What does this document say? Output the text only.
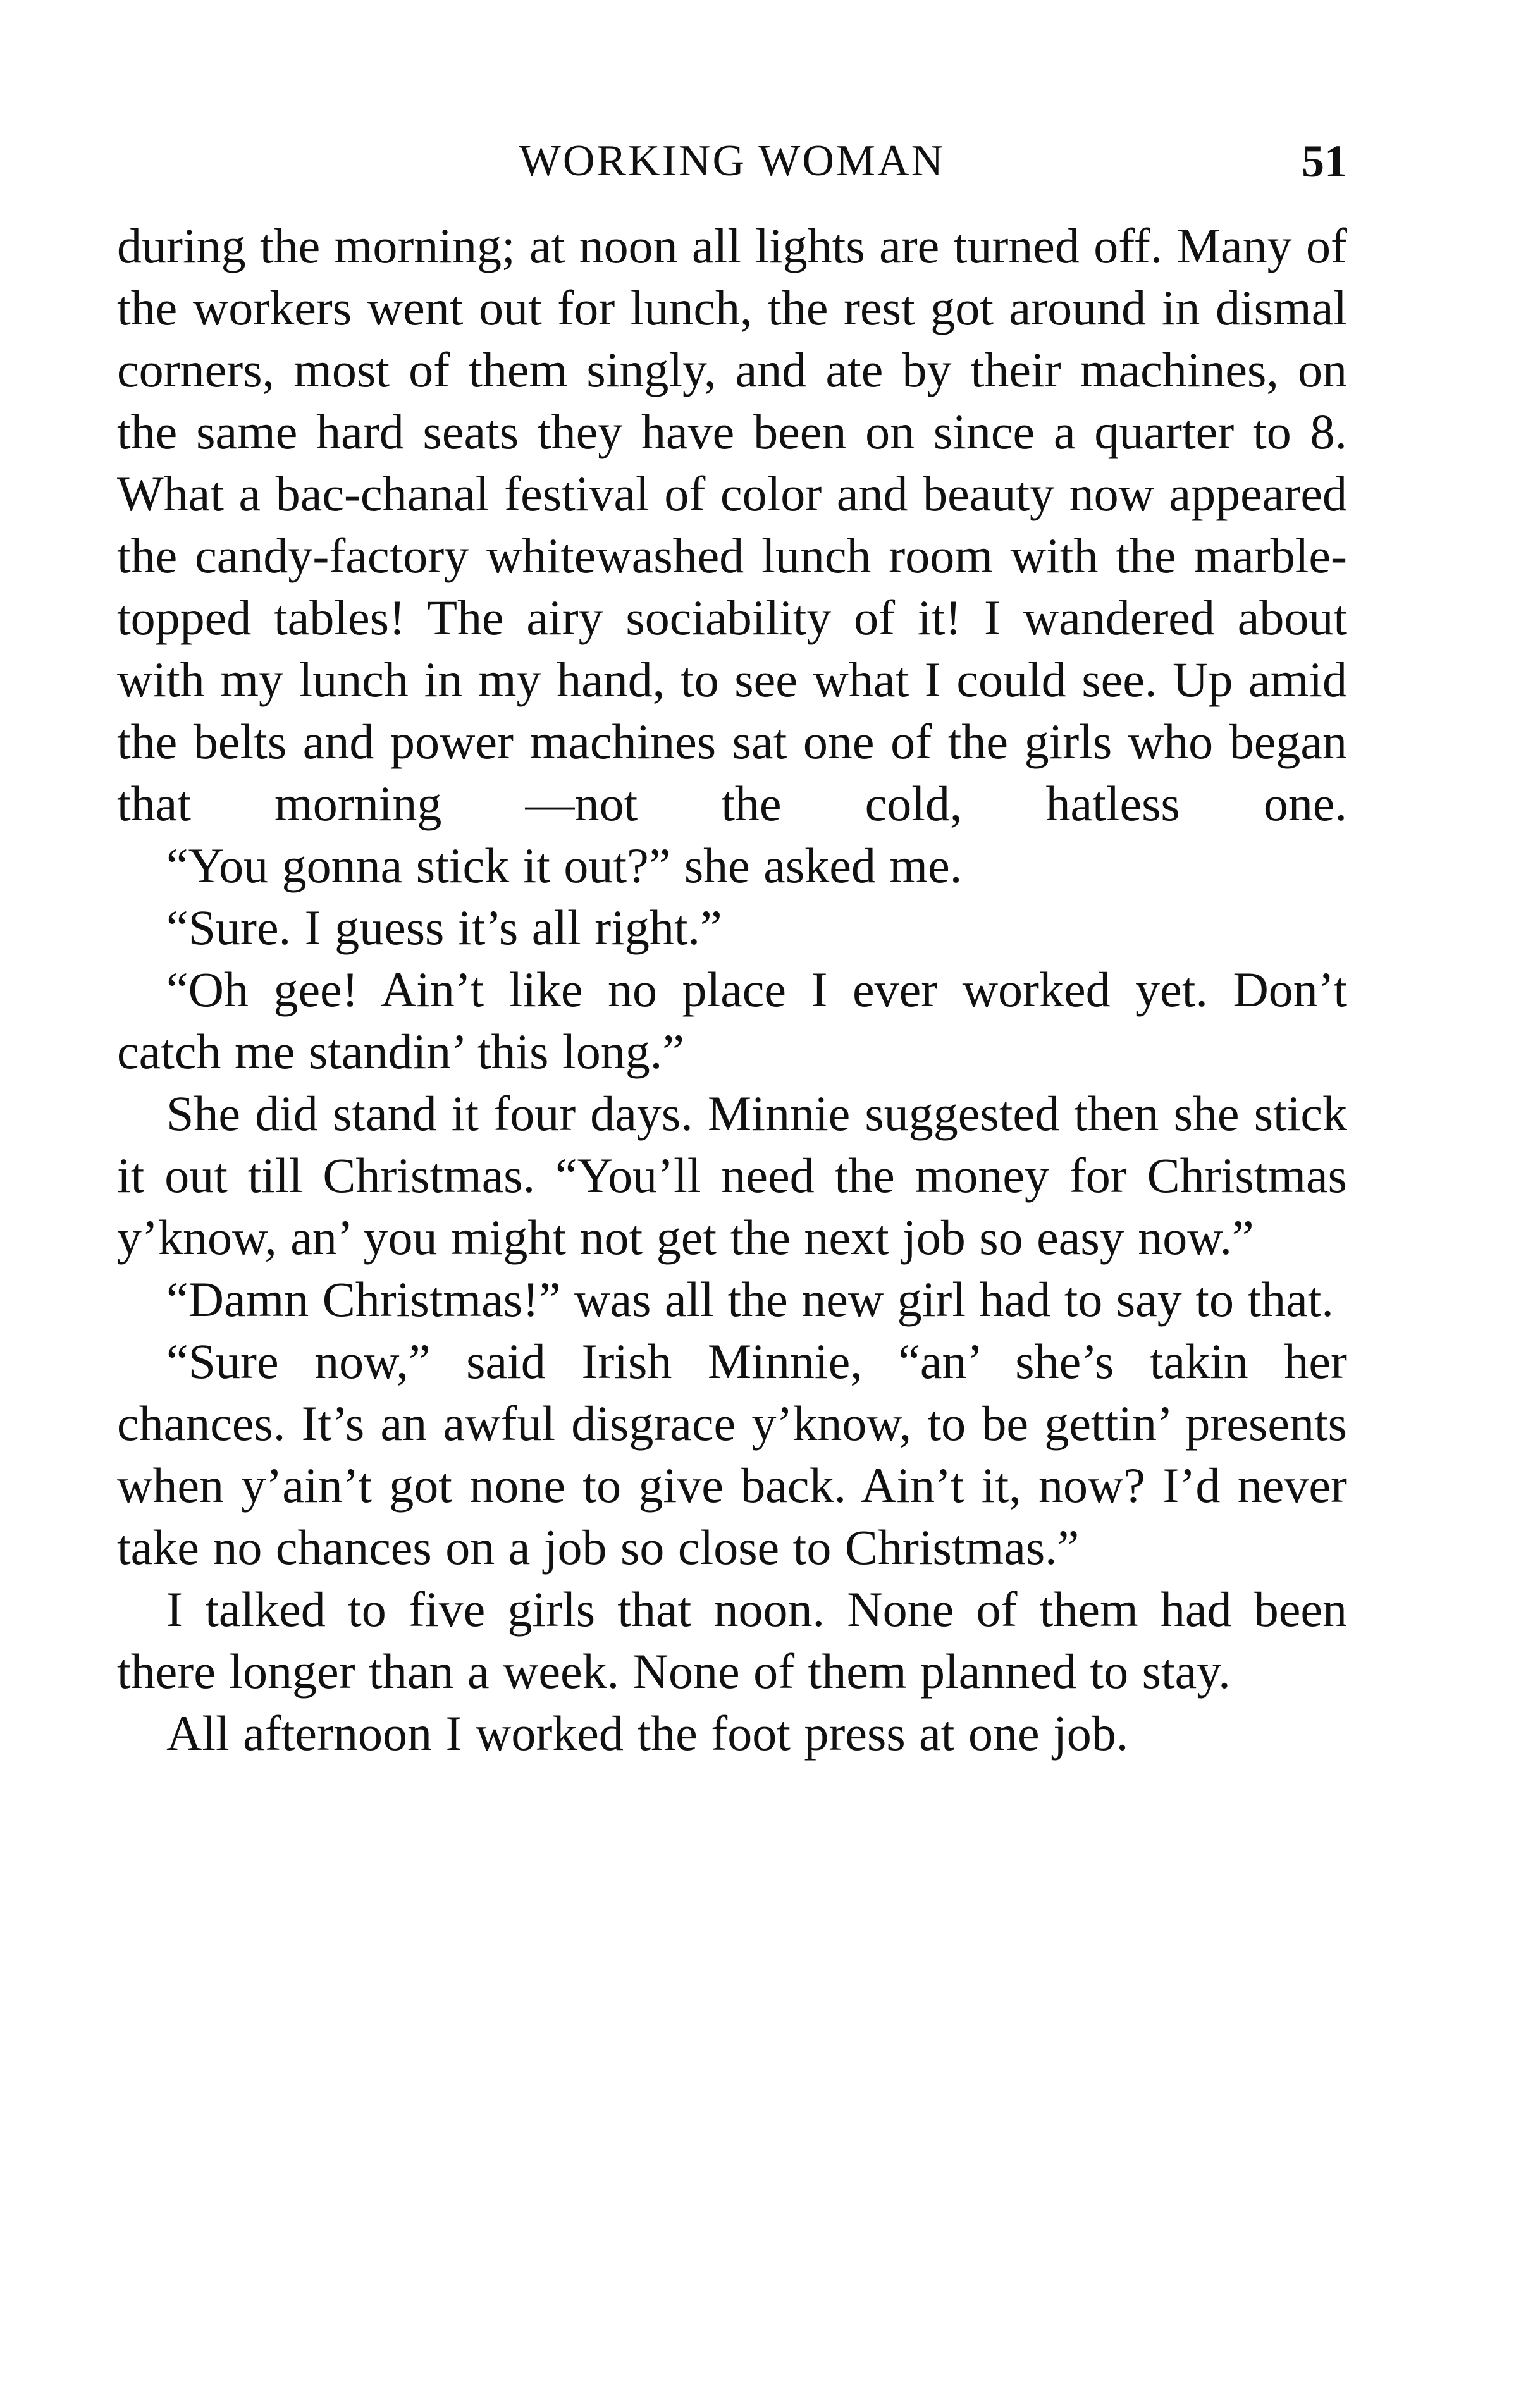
WORKING WOMAN	51

during the morning; at noon all lights are turned off. Many of the workers went out for lunch, the rest got around in dismal corners, most of them singly, and ate by their machines, on the same hard seats they have been on since a quarter to 8. What a bac-chanal festival of color and beauty now appeared the candy-factory whitewashed lunch room with the marble-topped tables! The airy sociability of it! I wandered about with my lunch in my hand, to see what I could see. Up amid the belts and power machines sat one of the girls who began that morning —not the cold, hatless one.

“You gonna stick it out?” she asked me.

“Sure. I guess it’s all right.”

“Oh gee! Ain’t like no place I ever worked yet. Don’t catch me standin’ this long.”

She did stand it four days. Minnie suggested then she stick it out till Christmas. “You’ll need the money for Christmas y’know, an’ you might not get the next job so easy now.”

“Damn Christmas!” was all the new girl had to say to that.

“Sure now,” said Irish Minnie, “an’ she’s takin her chances. It’s an awful disgrace y’know, to be gettin’ presents when y’ain’t got none to give back. Ain’t it, now? I’d never take no chances on a job so close to Christmas.”

I talked to five girls that noon. None of them had been there longer than a week. None of them planned to stay.

All afternoon I worked the foot press at one job.
